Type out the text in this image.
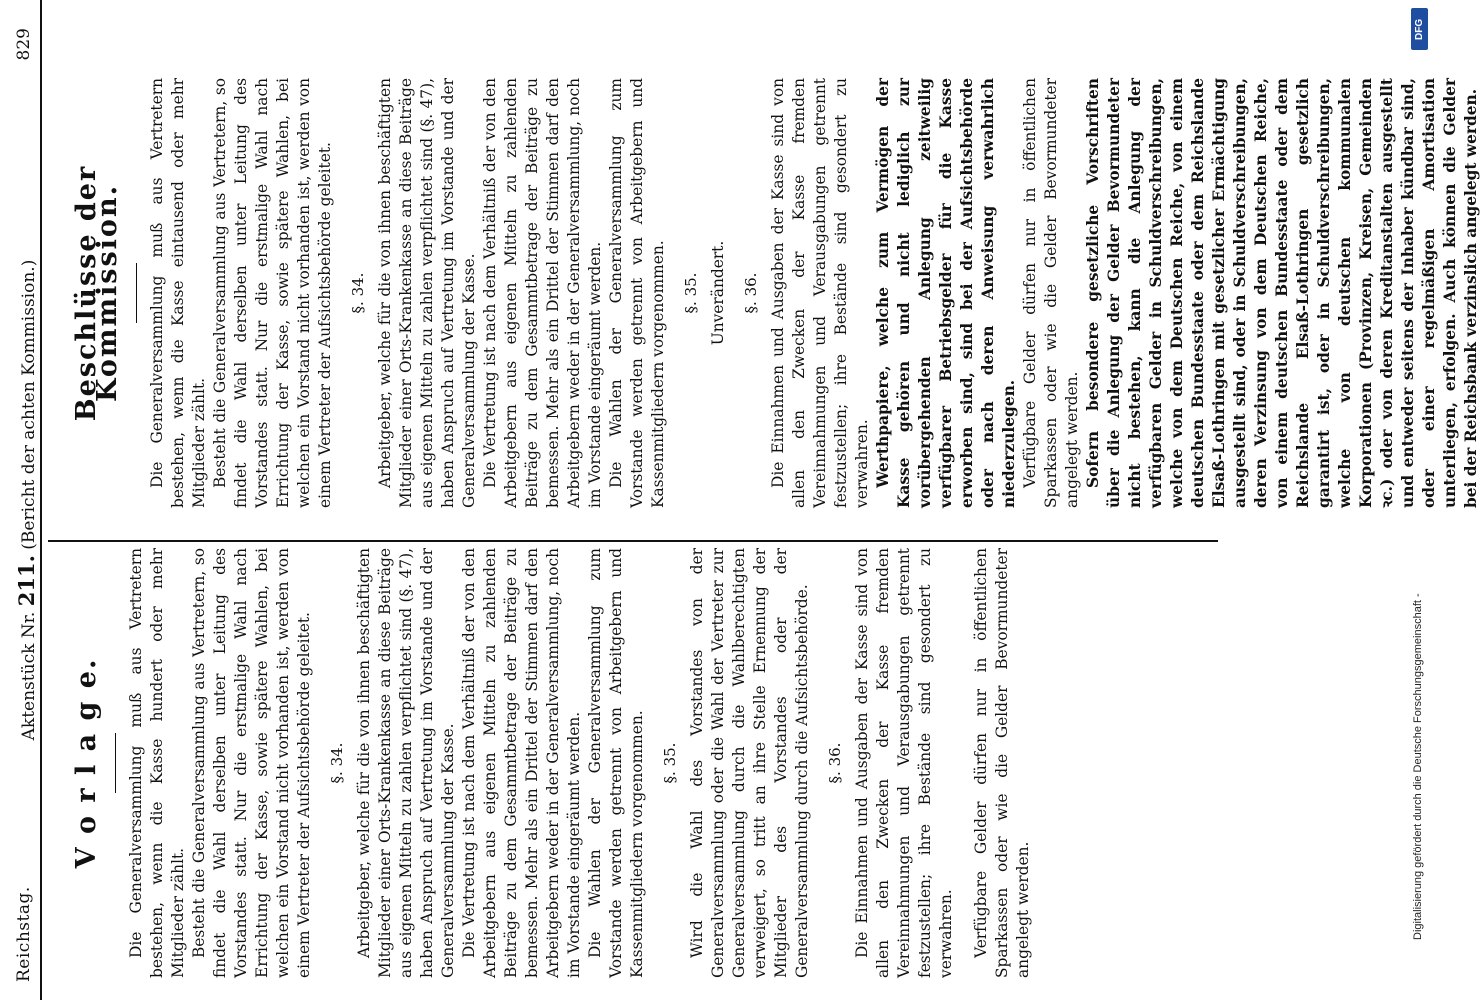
Reichstag.
Aktenstück Nr. 211. (Bericht der achten Kommission.)
829
V o r l a g e. Die Generalversammlung muß aus Vertretern bestehen, wenn die Kasse hundert oder mehr Mitglieder zählt. Besteht die Generalversammlung aus Vertretern, so findet die Wahl derselben unter Leitung des Vorstandes statt. Nur die erstmalige Wahl nach Errichtung der Kasse, sowie spätere Wahlen, bei welchen ein Vorstand nicht vorhanden ist, werden von einem Vertreter der Aufsichtsbehörde geleitet. §. 34. Arbeitgeber, welche für die von ihnen beschäftigten Mitglieder einer Orts-Krankenkasse an diese Beiträge aus eigenen Mitteln zu zahlen verpflichtet sind (§. 47), haben Anspruch auf Vertretung im Vorstande und der Generalversammlung der Kasse. Die Vertretung ist nach dem Verhältniß der von den Arbeitgebern aus eigenen Mitteln zu zahlenden Beiträge zu dem Gesammtbetrage der Beiträge zu bemessen. Mehr als ein Drittel der Stimmen darf den Arbeitgebern weder in der Generalversammlung, noch im Vorstande eingeräumt werden. Die Wahlen der Generalversammlung zum Vorstande werden getrennt von Arbeitgebern und Kassenmitgliedern vorgenommen. §. 35. Wird die Wahl des Vorstandes von der Generalversammlung oder die Wahl der Vertreter zur Generalversammlung durch die Wahlberechtigten verweigert, so tritt an ihre Stelle Ernennung der Mitglieder des Vorstandes oder der Generalversammlung durch die Aufsichtsbehörde. §. 36. Die Einnahmen und Ausgaben der Kasse sind von allen den Zwecken der Kasse fremden Vereinnahmungen und Verausgabungen getrennt festzustellen; ihre Bestände sind gesondert zu verwahren. Verfügbare Gelder dürfen nur in öffentlichen Sparkassen oder wie die Gelder Bevormundeter angelegt werden.

Beschlüsse der Kommission. Die Generalversammlung muß aus Vertretern bestehen, wenn die Kasse eintausend oder mehr Mitglieder zählt. Besteht die Generalversammlung aus Vertretern, so findet die Wahl derselben unter Leitung des Vorstandes statt. Nur die erstmalige Wahl nach Errichtung der Kasse, sowie spätere Wahlen, bei welchen ein Vorstand nicht vorhanden ist, werden von einem Vertreter der Aufsichtsbehörde geleitet. §. 34. Arbeitgeber, welche für die von ihnen beschäftigten Mitglieder einer Orts-Krankenkasse an diese Beiträge aus eigenen Mitteln zu zahlen verpflichtet sind (§. 47), haben Anspruch auf Vertretung im Vorstande und der Generalversammlung der Kasse. Die Vertretung ist nach dem Verhältniß der von den Arbeitgebern aus eigenen Mitteln zu zahlenden Beiträge zu dem Gesammtbetrage der Beiträge zu bemessen. Mehr als ein Drittel der Stimmen darf den Arbeitgebern weder in der Generalversammlung, noch im Vorstande eingeräumt werden. Die Wahlen der Generalversammlung zum Vorstande werden getrennt von Arbeitgebern und Kassenmitgliedern vorgenommen. §. 35. Unverändert. §. 36. Die Einnahmen und Ausgaben der Kasse sind von allen den Zwecken der Kasse fremden Vereinnahmungen und Verausgabungen getrennt festzustellen; ihre Bestände sind gesondert zu verwahren. Werthpapiere, welche zum Vermögen der Kasse gehören und nicht lediglich zur vorübergehenden Anlegung zeitweilig verfügbarer Betriebsgelder für die Kasse erworben sind, sind bei der Aufsichtsbehörde oder nach deren Anweisung verwahrlich niederzulegen. Verfügbare Gelder dürfen nur in öffentlichen Sparkassen oder wie die Gelder Bevormundeter angelegt werden. Sofern besondere gesetzliche Vorschriften über die Anlegung der Gelder Bevormundeter nicht bestehen, kann die Anlegung der verfügbaren Gelder in Schuldverschreibungen, welche von dem Deutschen Reiche, von einem deutschen Bundesstaate oder dem Reichslande Elsaß-Lothringen mit gesetzlicher Ermächtigung ausgestellt sind, oder in Schuldverschreibungen, deren Verzinsung von dem Deutschen Reiche, von einem deutschen Bundesstaate oder dem Reichslande Elsaß-Lothringen gesetzlich garantirt ist, oder in Schuldverschreibungen, welche von deutschen kommunalen Korporationen (Provinzen, Kreisen, Gemeinden ꝛc.) oder von deren Kreditanstalten ausgestellt und entweder seitens der Inhaber kündbar sind, oder einer regelmäßigen Amortisation unterliegen, erfolgen. Auch können die Gelder bei der Reichsbank verzinslich angelegt werden.

DFG
Digitalisierung gefördert durch die Deutsche Forschungsgemeinschaft -
